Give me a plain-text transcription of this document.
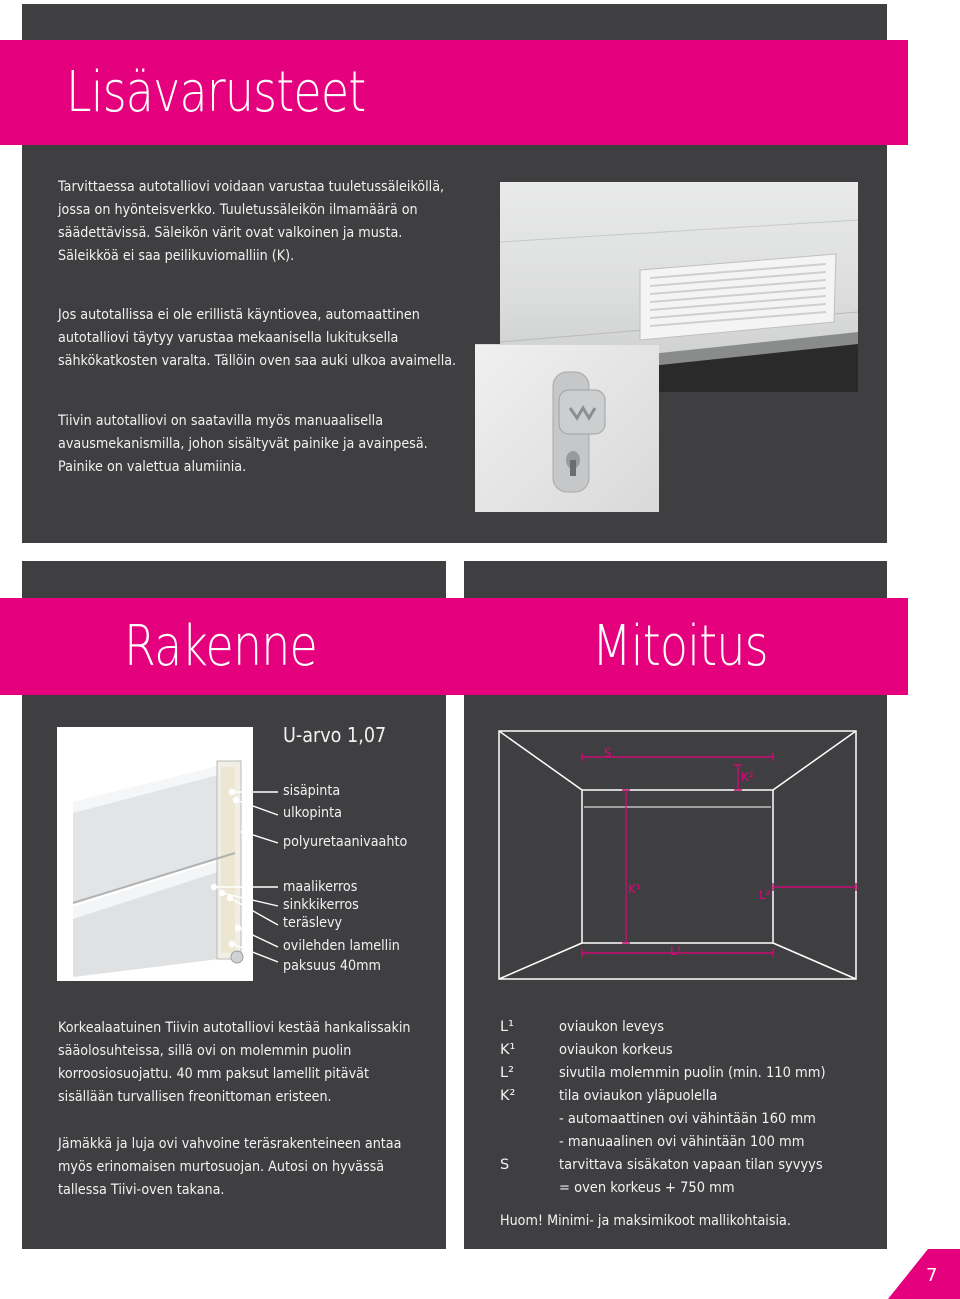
Lisävarusteet
Tarvittaessa autotalliovi voidaan varustaa tuuletussäleiköllä, jossa on hyönteisverkko. Tuuletussäleikön ilmamäärä on säädettävissä. Säleikön värit ovat valkoinen ja musta. Säleikköä ei saa peilikuviomalliin (K).
Jos autotallissa ei ole erillistä käyntiovea, automaattinen autotalliovi täytyy varustaa mekaanisella lukituksella sähkökatkosten varalta. Tällöin oven saa auki ulkoa avaimella.
Tiivin autotalliovi on saatavilla myös manuaalisella avausmekanismilla, johon sisältyvät painike ja avainpesä. Painike on valettua alumiinia.
Rakenne	Mitoitus
U-arvo 1,07
sisäpinta
ulkopinta
polyuretaanivaahto
maalikerros
sinkkikerros
teräslevy
ovilehden lamellin
paksuus 40mm
Korkealaatuinen Tiivin autotalliovi kestää hankalissakin sääolosuhteissa, sillä ovi on molemmin puolin korroosiosuojattu. 40 mm paksut lamellit pitävät sisällään turvallisen freonittoman eristeen.
Jämäkkä ja luja ovi vahvoine teräsrakenteineen antaa myös erinomaisen murtosuojan. Autosi on hyvässä tallessa Tiivi-oven takana.
S
K²
K¹	L²
L¹
L¹	oviaukon leveys
K¹	oviaukon korkeus
L²	sivutila molemmin puolin (min. 110 mm)
K²	tila oviaukon yläpuolella
- automaattinen ovi vähintään 160 mm
- manuaalinen ovi vähintään 100 mm
S	tarvittava sisäkaton vapaan tilan syvyys
= oven korkeus + 750 mm
Huom! Minimi- ja maksimikoot mallikohtaisia.
7
